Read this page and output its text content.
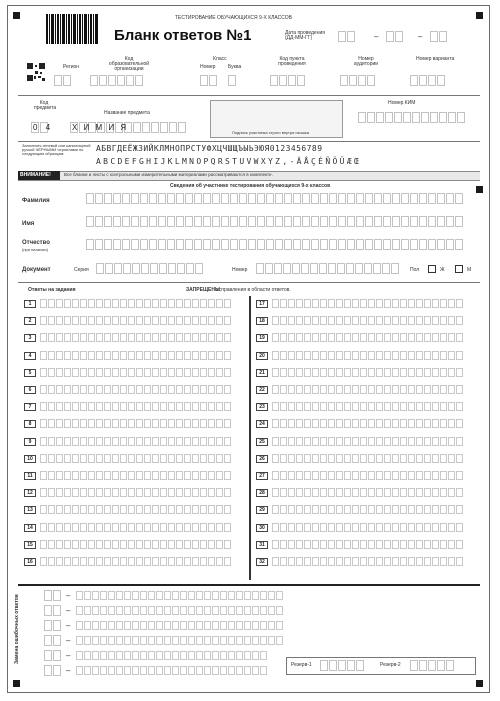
ТЕСТИРОВАНИЕ ОБУЧАЮЩИХСЯ 9-Х КЛАССОВ
Бланк ответов №1	Дата проведения (ДД-ММ-ГГ)	–	–
Регион
Код образовательной организации
Класс
Номер	Буква
Код пункта проведения
Номер аудитории
Номер варианта
Код предмета
Название предмета
0 4 Х И М И Я
Подпись участника строго внутри окошка
Номер КИМ
Заполнять гелевой или капиллярной ручкой ЧЁРНЫМИ чернилами по следующим образцам:
АБВГДЕЁЖЗИЙКЛМНОПРСТУФХЦЧШЩЪЫЬЭЮЯ0123456789
ABCDEFGHIJKLMNOPQRSTUVWXYZ,-ÄÅÇÉÑÖÜÆŒ
ВНИМАНИЕ!	Все бланки и листы с контрольными измерительными материалами рассматриваются в комплекте.
Сведения об участнике тестирования обучающихся 9-х классов
Фамилия
Имя
Отчество
(при наличии)
Документ	Серия	Номер	Пол	Ж	М
Ответы на задания	ЗАПРЕЩЕНЫ
исправления в области ответов.
1
2
3
4
5
6
7
8
9
10
11
12
13
14
15
16
17
18
19
20
21
22
23
24
25
26
27
28
29
30
31
32
Замена ошибочных ответов	–
–
–
–
–
–
Резерв-1	Резерв-2
